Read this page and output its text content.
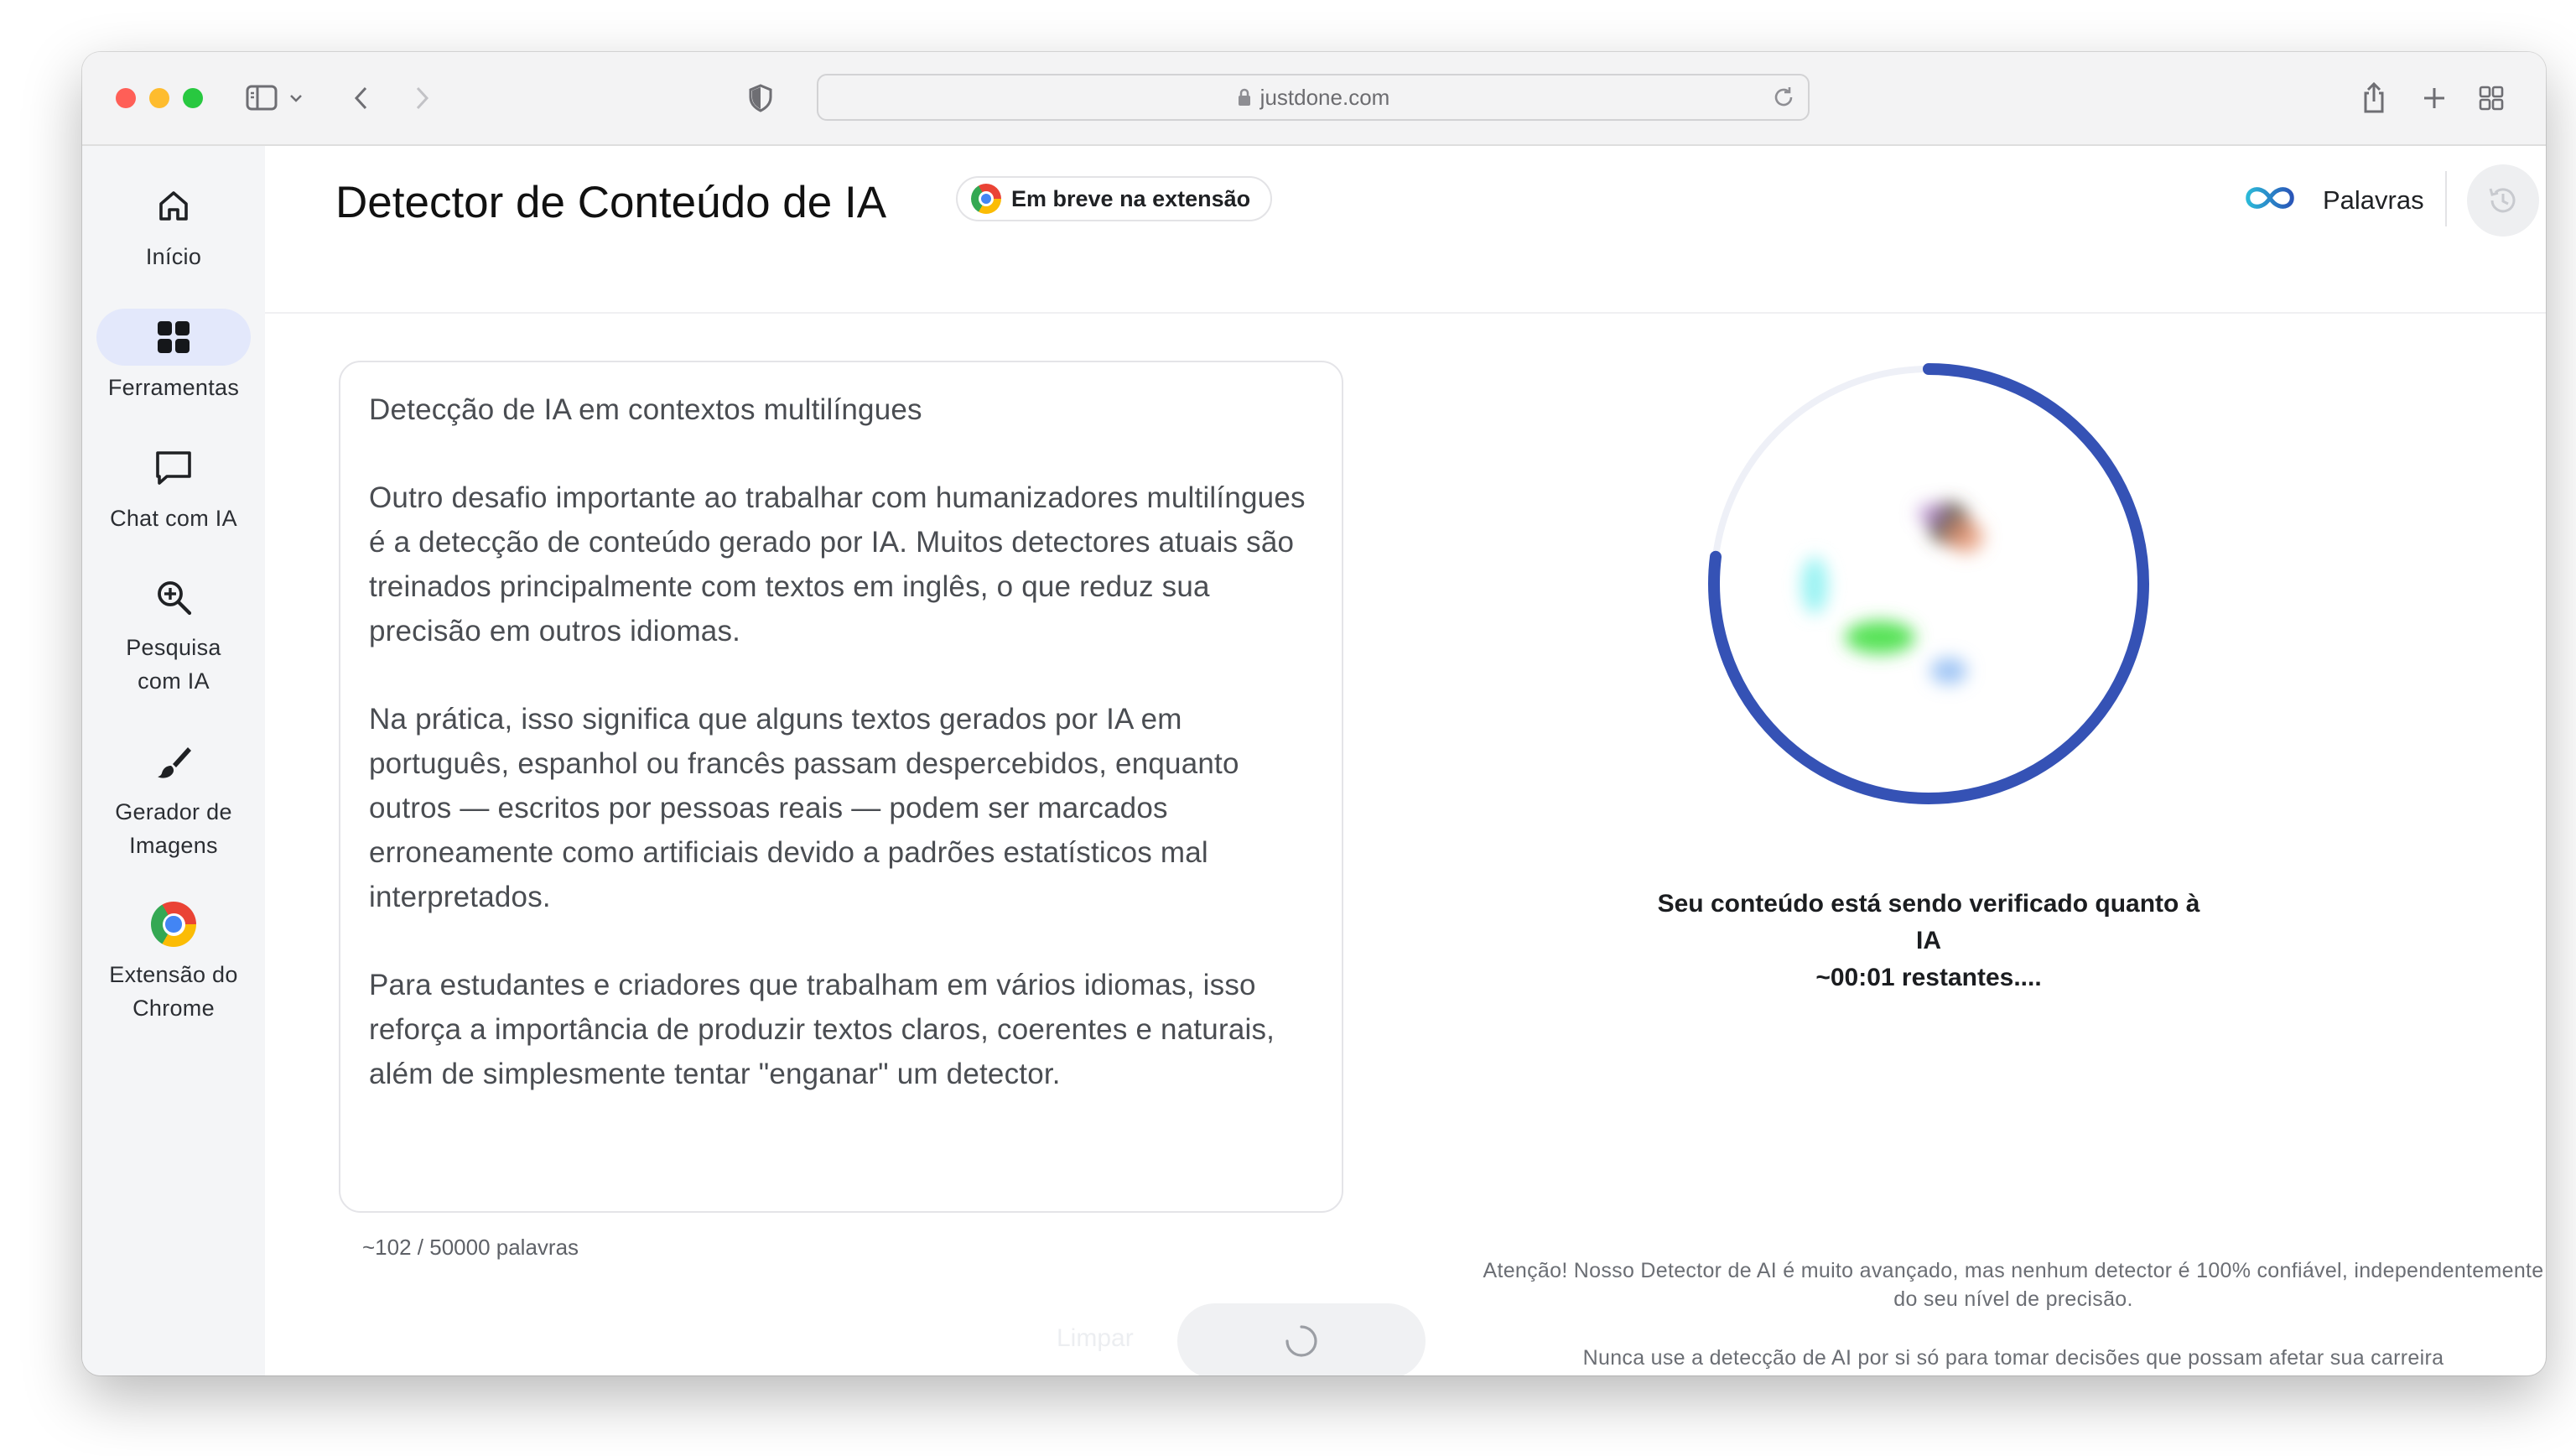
justdone.com
Início
Ferramentas
Chat com IA
Pesquisa com IA
Gerador de Imagens
Extensão do Chrome
Detector de Conteúdo de IA	Em breve na extensão	Palavras

Detecção de IA em contextos multilíngues

Outro desafio importante ao trabalhar com humanizadores multilíngues é a detecção de conteúdo gerado por IA. Muitos detectores atuais são treinados principalmente com textos em inglês, o que reduz sua precisão em outros idiomas.

Na prática, isso significa que alguns textos gerados por IA em português, espanhol ou francês passam despercebidos, enquanto outros — escritos por pessoas reais — podem ser marcados erroneamente como artificiais devido a padrões estatísticos mal interpretados.

Para estudantes e criadores que trabalham em vários idiomas, isso reforça a importância de produzir textos claros, coerentes e naturais, além de simplesmente tentar "enganar" um detector.

~102 / 50000 palavras
Limpar
Seu conteúdo está sendo verificado quanto à IA
~00:01 restantes....
Atenção! Nosso Detector de AI é muito avançado, mas nenhum detector é 100% confiável, independentemente do seu nível de precisão.
Nunca use a detecção de AI por si só para tomar decisões que possam afetar sua carreira
